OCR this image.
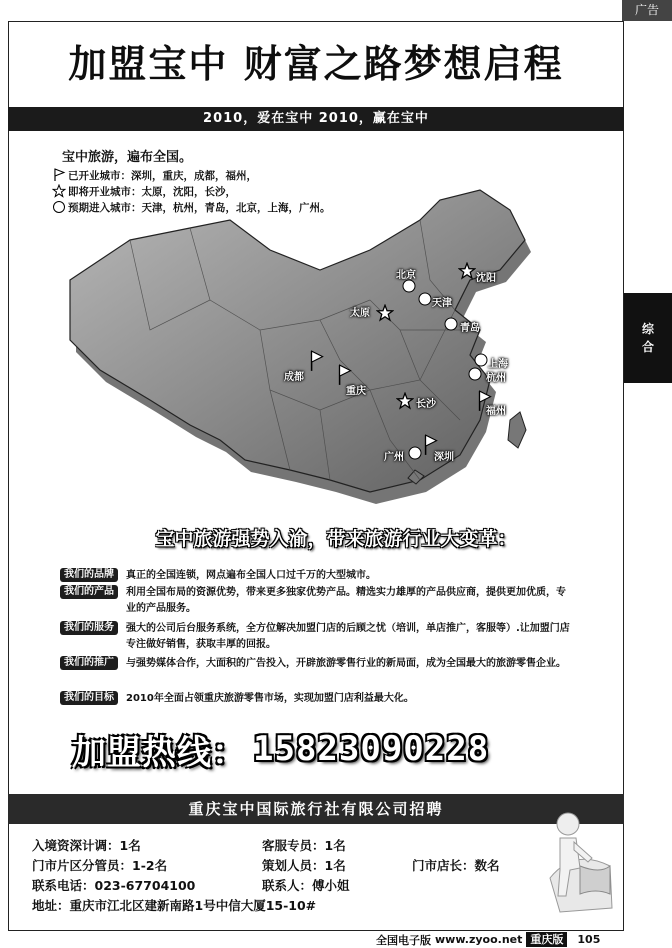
广告
加盟宝中 财富之路梦想启程
2010，爱在宝中 2010，赢在宝中
宝中旅游，遍布全国。
已开业城市：深圳，重庆，成都，福州，
即将开业城市：太原，沈阳，长沙，
预期进入城市：天津，杭州，青岛，北京，上海，广州。
北京	沈阳
天津
太原
青岛
成都
重庆
上海
杭州
长沙
福州
广州	深圳
宝中旅游强势入渝，带来旅游行业大变革：
我们的品牌	真正的全国连锁，网点遍布全国人口过千万的大型城市。
我们的产品	利用全国布局的资源优势，带来更多独家优势产品。精选实力雄厚的产品供应商，提供更加优质，专业的产品服务。
我们的服务	强大的公司后台服务系统，全方位解决加盟门店的后顾之忧（培训，单店推广，客服等）.让加盟门店专注做好销售，获取丰厚的回报。
我们的推广	与强势媒体合作，大面积的广告投入，开辟旅游零售行业的新局面，成为全国最大的旅游零售企业。
我们的目标	2010年全面占领重庆旅游零售市场，实现加盟门店利益最大化。
加盟热线： 15823090228
重庆宝中国际旅行社有限公司招聘
入境资深计调：1名	客服专员：1名
门市片区分管员：1-2名	策划人员：1名	门市店长：数名
联系电话：023-67704100	联系人：傅小姐
地址：重庆市江北区建新南路1号中信大厦15-10#
综
合
全国电子版 www.zyoo.net 重庆版	105
